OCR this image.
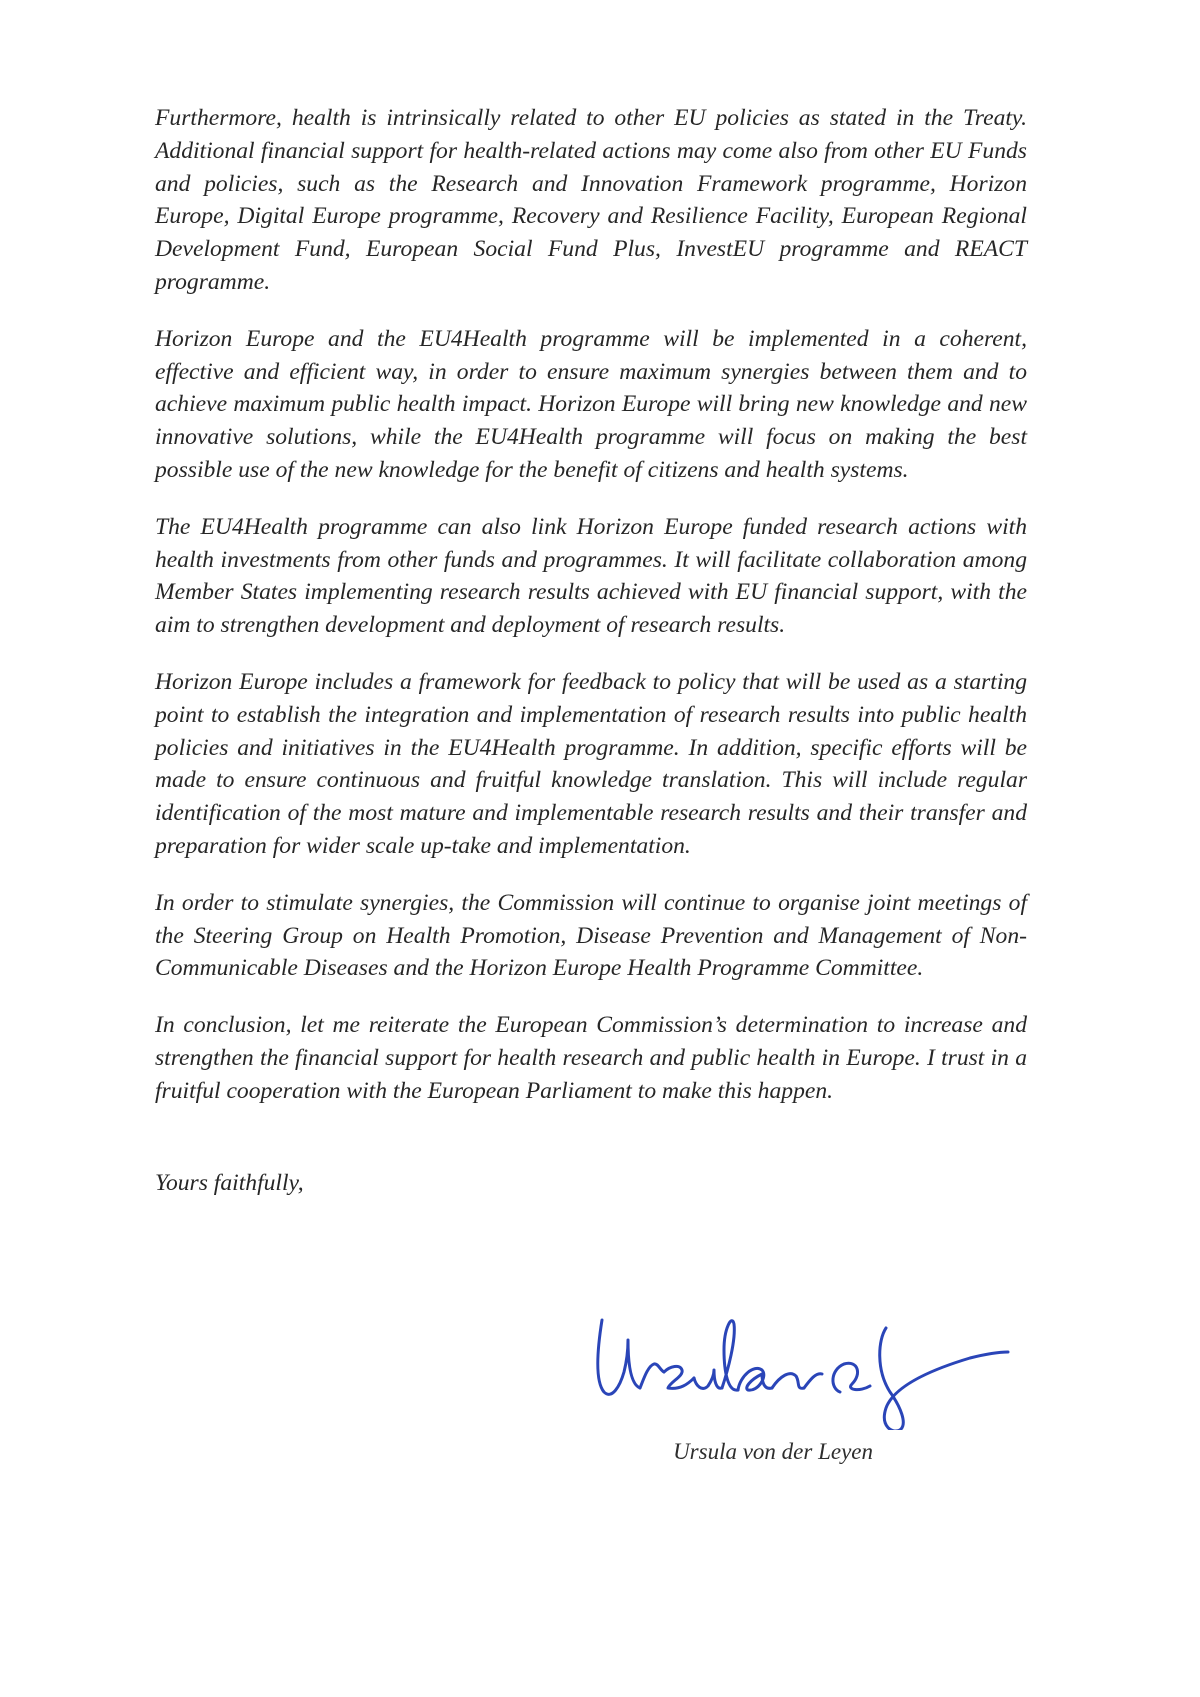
Furthermore, health is intrinsically related to other EU policies as stated in the Treaty. Additional financial support for health-related actions may come also from other EU Funds and policies, such as the Research and Innovation Framework programme, Horizon Europe, Digital Europe programme, Recovery and Resilience Facility, European Regional Development Fund, European Social Fund Plus, InvestEU programme and REACT programme.

Horizon Europe and the EU4Health programme will be implemented in a coherent, effective and efficient way, in order to ensure maximum synergies between them and to achieve maximum public health impact. Horizon Europe will bring new knowledge and new innovative solutions, while the EU4Health programme will focus on making the best possible use of the new knowledge for the benefit of citizens and health systems.

The EU4Health programme can also link Horizon Europe funded research actions with health investments from other funds and programmes. It will facilitate collaboration among Member States implementing research results achieved with EU financial support, with the aim to strengthen development and deployment of research results.

Horizon Europe includes a framework for feedback to policy that will be used as a starting point to establish the integration and implementation of research results into public health policies and initiatives in the EU4Health programme. In addition, specific efforts will be made to ensure continuous and fruitful knowledge translation. This will include regular identification of the most mature and implementable research results and their transfer and preparation for wider scale up-take and implementation.

In order to stimulate synergies, the Commission will continue to organise joint meetings of the Steering Group on Health Promotion, Disease Prevention and Management of Non-Communicable Diseases and the Horizon Europe Health Programme Committee.

In conclusion, let me reiterate the European Commission’s determination to increase and strengthen the financial support for health research and public health in Europe. I trust in a fruitful cooperation with the European Parliament to make this happen.

Yours faithfully,

Ursula von der Leyen
